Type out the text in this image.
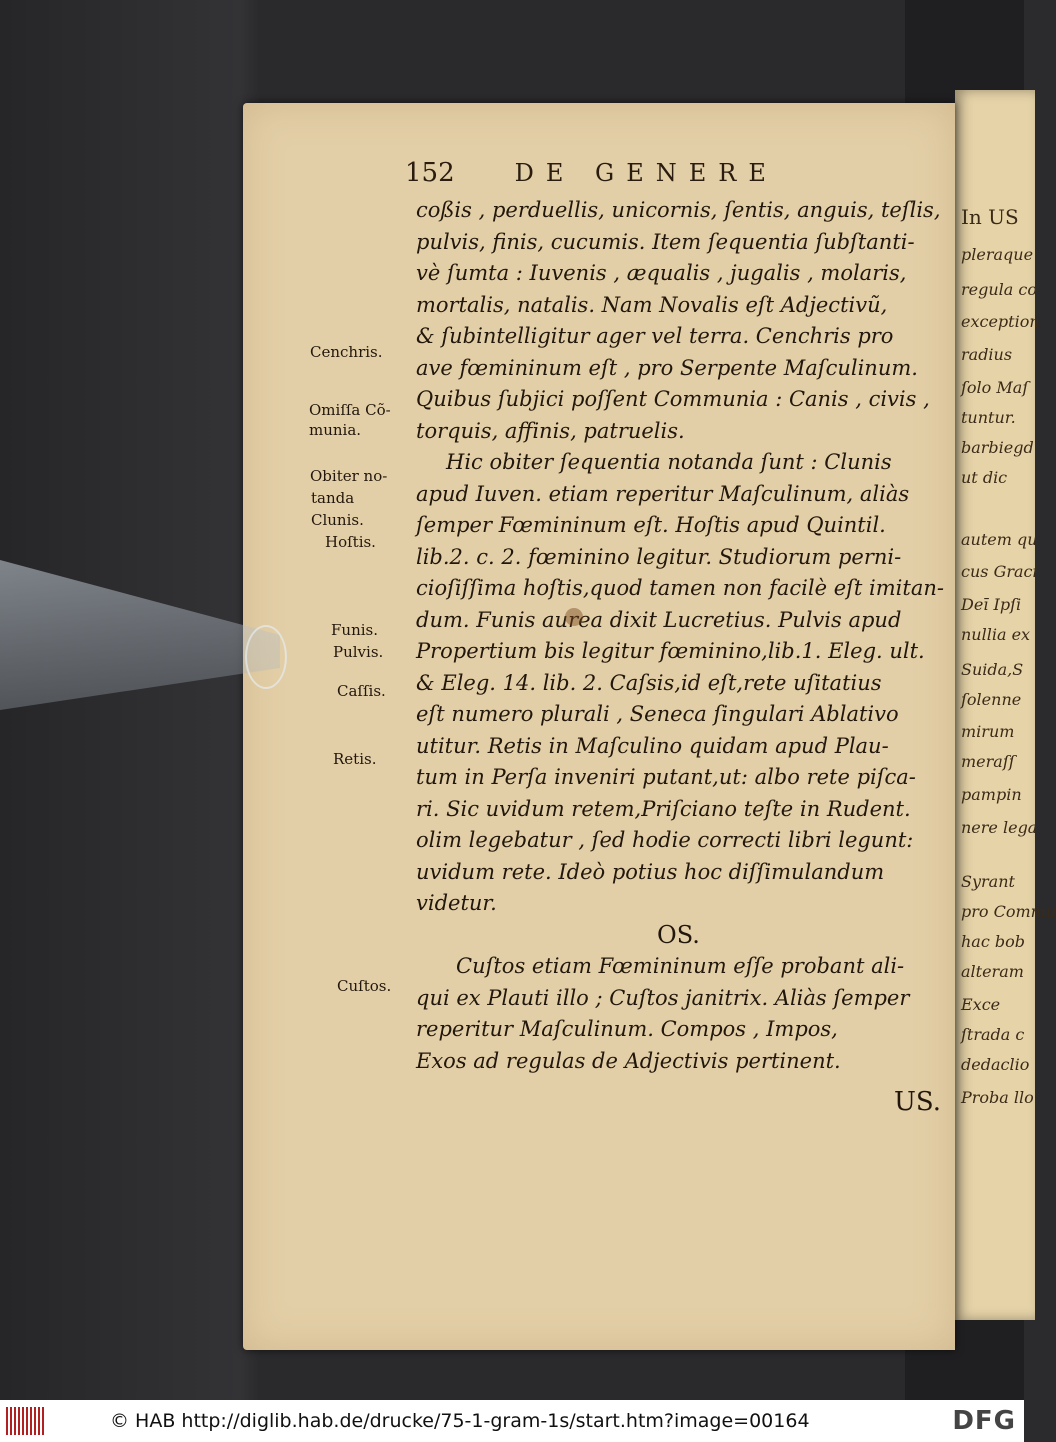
In US
pleraque
regula co
exception
radius
ſolo Maſ
tuntur.
barbiegd
ut dic
autem qu
cus Graci
Deī Ipſi
nullia ex
Suida,S
ſolenne
mirum
meraſſ
pampin
nere lega
Syrant
pro Commu
hac bob
alteram
Exce
ſtrada c
dedaclio
Proba llo
152	DE GENERE
coßis , perduellis, unicornis, ſentis, anguis, teſlis,
pulvis, finis, cucumis. Item ſequentia ſubſtanti-
vè ſumta : Iuvenis , æqualis , jugalis , molaris,
mortalis, natalis. Nam Novalis eſt Adjectivũ,
& ſubintelligitur ager vel terra. Cenchris pro
ave fœmininum eſt , pro Serpente Maſculinum.
Quibus ſubjici poſſent Communia : Canis , civis ,
torquis, affinis, patruelis.
Hic obiter ſequentia notanda ſunt : Clunis
apud Iuven. etiam reperitur Maſculinum, aliàs
ſemper Fœmininum eſt. Hoſtis apud Quintil.
lib.2. c. 2. fœminino legitur. Studiorum perni-
cioſiſſima hoſtis,quod tamen non facilè eſt imitan-
dum. Funis aurea dixit Lucretius. Pulvis apud
Propertium bis legitur fœminino,lib.1. Eleg. ult.
& Eleg. 14. lib. 2. Caſsis,id eſt,rete uſitatius
eſt numero plurali , Seneca ſingulari Ablativo
utitur. Retis in Maſculino quidam apud Plau-
tum in Perſa inveniri putant,ut: albo rete piſca-
ri. Sic uvidum retem,Priſciano teſte in Rudent.
olim legebatur , ſed hodie correcti libri legunt:
uvidum rete. Ideò potius hoc diſſimulandum
videtur.
OS.
Cuſtos etiam Fœmininum eſſe probant ali-
qui ex Plauti illo ; Cuſtos janitrix. Aliàs ſemper
reperitur Maſculinum. Compos , Impos,
Exos ad regulas de Adjectivis pertinent.
US.
Cenchris.
Omiſſa Cõ-
munia.
Obiter no-
tanda
Clunis.
Hoſtis.
Funis.
Pulvis.
Caſſis.
Retis.
Cuſtos.
© HAB http://diglib.hab.de/drucke/75-1-gram-1s/start.htm?image=00164	DFG
